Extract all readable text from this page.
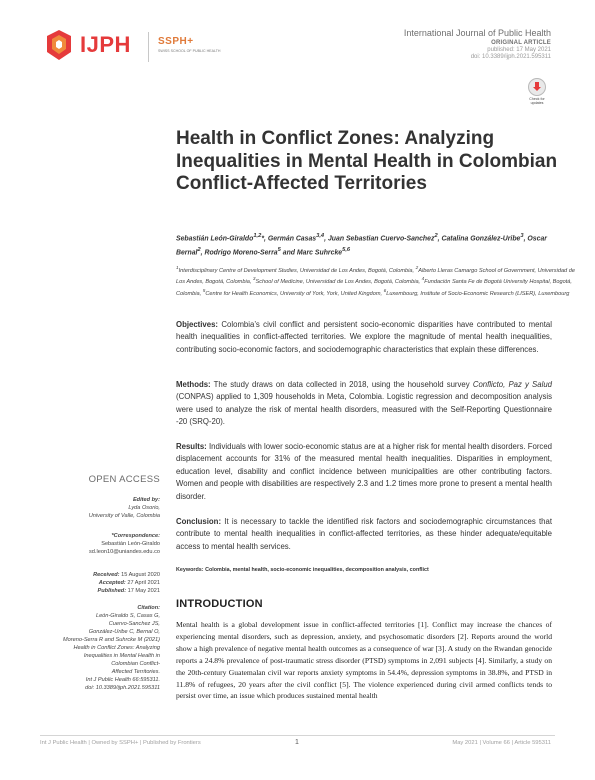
IJPH	SSPH+
SWISS SCHOOL OF PUBLIC HEALTH
International Journal of Public Health
ORIGINAL ARTICLE
published: 17 May 2021
doi: 10.3389/ijph.2021.595311
Check for updates
Health in Conflict Zones: Analyzing Inequalities in Mental Health in Colombian Conflict-Affected Territories
Sebastián León-Giraldo$^{1,2}$*, Germán Casas$^{3,4}$, Juan Sebastian Cuervo-Sanchez$^2$, Catalina González-Uribe$^3$, Oscar Bernal$^2$, Rodrigo Moreno-Serra$^5$ and Marc Suhrcke$^{5,6}$
$^1$Interdisciplinary Centre of Development Studies, Universidad de Los Andes, Bogotá, Colombia, $^2$Alberto Lleras Camargo School of Government, Universidad de Los Andes, Bogotá, Colombia, $^3$School of Medicine, Universidad de Los Andes, Bogotá, Colombia, $^4$Fundación Santa Fe de Bogotá University Hospital, Bogotá, Colombia, $^5$Centre for Health Economics, University of York, York, United Kingdom, $^6$Luxembourg, Institute of Socio-Economic Research (LISER), Luxembourg
Objectives: Colombia’s civil conflict and persistent socio-economic disparities have contributed to mental health inequalities in conflict-affected territories. We explore the magnitude of mental health inequalities, contributing socio-economic factors, and sociodemographic characteristics that explain these differences.
Methods: The study draws on data collected in 2018, using the household survey Conflicto, Paz y Salud (CONPAS) applied to 1,309 households in Meta, Colombia. Logistic regression and decomposition analysis were used to analyze the risk of mental health disorders, measured with the Self-Reporting Questionnaire -20 (SRQ-20).
Results: Individuals with lower socio-economic status are at a higher risk for mental health disorders. Forced displacement accounts for 31% of the measured mental health inequalities. Disparities in employment, education level, disability and conflict incidence between municipalities are other contributing factors. Women and people with disabilities are respectively 2.3 and 1.2 times more prone to present a mental health disorder.
Conclusion: It is necessary to tackle the identified risk factors and sociodemographic circumstances that contribute to mental health inequalities in conflict-affected territories, as these hinder adequate/equitable access to mental health services.
Keywords: Colombia, mental health, socio-economic inequalities, decomposition analysis, conflict
INTRODUCTION
Mental health is a global development issue in conflict-affected territories [1]. Conflict may increase the chances of experiencing mental disorders, such as depression, anxiety, and psychosomatic disorders [2]. Reports around the world show a high prevalence of negative mental health outcomes as a consequence of war [3]. A study on the Rwandan genocide reports a 24.8% prevalence of post-traumatic stress disorder (PTSD) symptoms in 2,091 subjects [4]. Similarly, a study on the 20th-century Guatemalan civil war reports anxiety symptoms in 54.4%, depression symptoms in 38.8%, and PTSD in 11.8% of refugees, 20 years after the civil conflict [5]. The violence experienced during civil armed conflicts tends to persist over time, an issue which produces sustained mental health
OPEN ACCESS
Edited by:
Lyda Osorio,
University of Valle, Colombia
*Correspondence:
Sebastián León-Giraldo
sd.leon10@uniandes.edu.co
Received: 15 August 2020
Accepted: 27 April 2021
Published: 17 May 2021
Citation:
León-Giraldo S, Casas G,
Cuervo-Sanchez JS,
González-Uribe C, Bernal O,
Moreno-Serra R and Suhrcke M (2021)
Health in Conflict Zones: Analyzing
Inequalities in Mental Health in
Colombian Conflict-
Affected Territories.
Int J Public Health 66:595311.
doi: 10.3389/ijph.2021.595311
Int J Public Health | Owned by SSPH+ | Published by Frontiers	1	May 2021 | Volume 66 | Article 595311
